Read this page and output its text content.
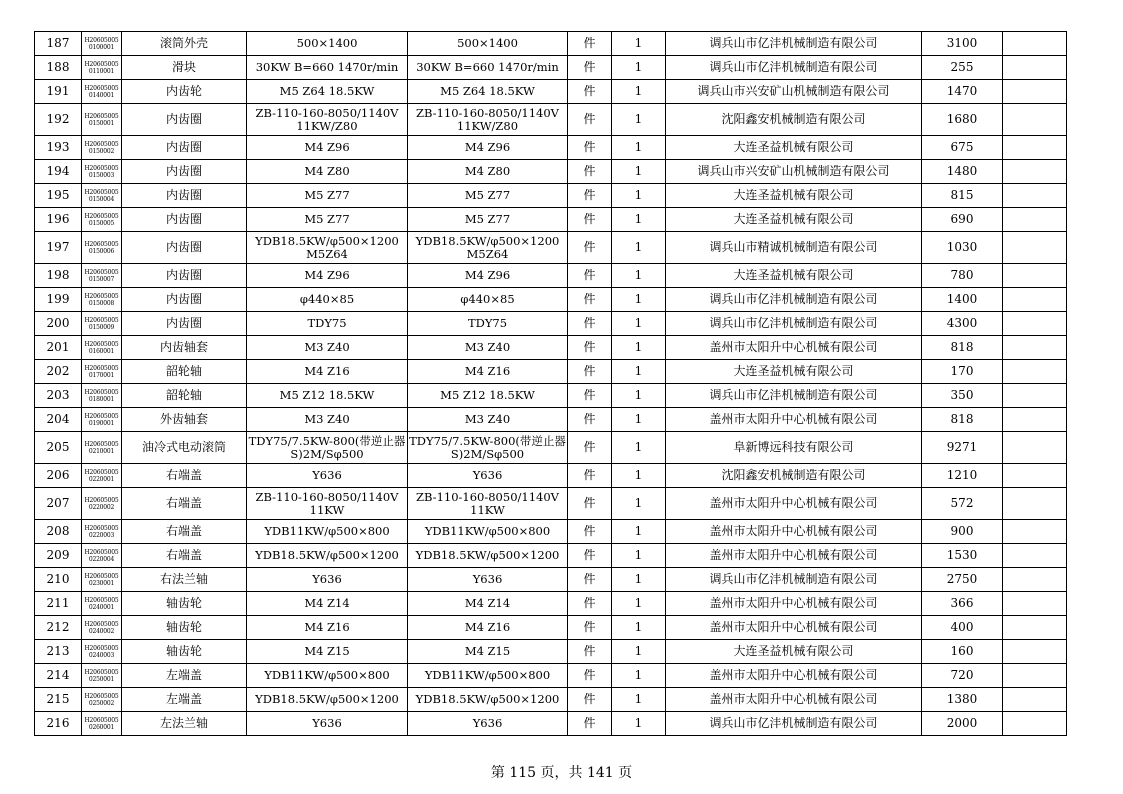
187	H20605005 0100001	滚筒外壳	500×1400	500×1400	件	1	调兵山市亿沣机械制造有限公司	3100	
188	H20605005 0110001	滑块	30KW B=660 1470r/min	30KW B=660 1470r/min	件	1	调兵山市亿沣机械制造有限公司	255	
191	H20605005 0140001	内齿轮	M5 Z64 18.5KW	M5 Z64 18.5KW	件	1	调兵山市兴安矿山机械制造有限公司	1470	
192	H20605005 0150001	内齿圈	ZB-110-160-8050/1140V 11KW/Z80	ZB-110-160-8050/1140V 11KW/Z80	件	1	沈阳鑫安机械制造有限公司	1680	
193	H20605005 0150002	内齿圈	M4 Z96	M4 Z96	件	1	大连圣益机械有限公司	675	
194	H20605005 0150003	内齿圈	M4 Z80	M4 Z80	件	1	调兵山市兴安矿山机械制造有限公司	1480	
195	H20605005 0150004	内齿圈	M5 Z77	M5 Z77	件	1	大连圣益机械有限公司	815	
196	H20605005 0150005	内齿圈	M5 Z77	M5 Z77	件	1	大连圣益机械有限公司	690	
197	H20605005 0150006	内齿圈	YDB18.5KW/φ500×1200 M5Z64	YDB18.5KW/φ500×1200 M5Z64	件	1	调兵山市精诚机械制造有限公司	1030	
198	H20605005 0150007	内齿圈	M4 Z96	M4 Z96	件	1	大连圣益机械有限公司	780	
199	H20605005 0150008	内齿圈	φ440×85	φ440×85	件	1	调兵山市亿沣机械制造有限公司	1400	
200	H20605005 0150009	内齿圈	TDY75	TDY75	件	1	调兵山市亿沣机械制造有限公司	4300	
201	H20605005 0160001	内齿轴套	M3 Z40	M3 Z40	件	1	盖州市太阳升中心机械有限公司	818	
202	H20605005 0170001	韶轮轴	M4 Z16	M4 Z16	件	1	大连圣益机械有限公司	170	
203	H20605005 0180001	韶轮轴	M5 Z12 18.5KW	M5 Z12 18.5KW	件	1	调兵山市亿沣机械制造有限公司	350	
204	H20605005 0190001	外齿轴套	M3 Z40	M3 Z40	件	1	盖州市太阳升中心机械有限公司	818	
205	H20605005 0210001	油冷式电动滚筒	TDY75/7.5KW-800(带逆止器S)2M/Sφ500	TDY75/7.5KW-800(带逆止器S)2M/Sφ500	件	1	阜新博远科技有限公司	9271	
206	H20605005 0220001	右端盖	Y636	Y636	件	1	沈阳鑫安机械制造有限公司	1210	
207	H20605005 0220002	右端盖	ZB-110-160-8050/1140V 11KW	ZB-110-160-8050/1140V 11KW	件	1	盖州市太阳升中心机械有限公司	572	
208	H20605005 0220003	右端盖	YDB11KW/φ500×800	YDB11KW/φ500×800	件	1	盖州市太阳升中心机械有限公司	900	
209	H20605005 0220004	右端盖	YDB18.5KW/φ500×1200	YDB18.5KW/φ500×1200	件	1	盖州市太阳升中心机械有限公司	1530	
210	H20605005 0230001	右法兰轴	Y636	Y636	件	1	调兵山市亿沣机械制造有限公司	2750	
211	H20605005 0240001	轴齿轮	M4 Z14	M4 Z14	件	1	盖州市太阳升中心机械有限公司	366	
212	H20605005 0240002	轴齿轮	M4 Z16	M4 Z16	件	1	盖州市太阳升中心机械有限公司	400	
213	H20605005 0240003	轴齿轮	M4 Z15	M4 Z15	件	1	大连圣益机械有限公司	160	
214	H20605005 0250001	左端盖	YDB11KW/φ500×800	YDB11KW/φ500×800	件	1	盖州市太阳升中心机械有限公司	720	
215	H20605005 0250002	左端盖	YDB18.5KW/φ500×1200	YDB18.5KW/φ500×1200	件	1	盖州市太阳升中心机械有限公司	1380	
216	H20605005 0260001	左法兰轴	Y636	Y636	件	1	调兵山市亿沣机械制造有限公司	2000	
第 115 页，共 141 页
